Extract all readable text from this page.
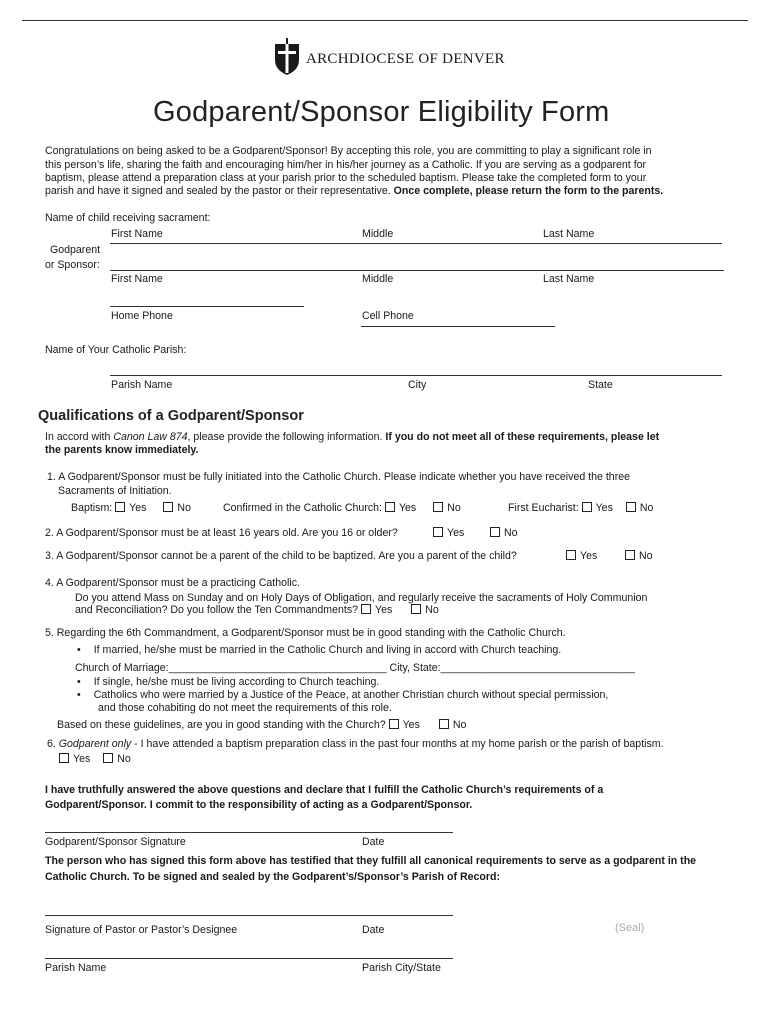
ARCHDIOCESE OF DENVER
Godparent/Sponsor Eligibility Form
Congratulations on being asked to be a Godparent/Sponsor! By accepting this role, you are committing to play a significant role in
this person’s life, sharing the faith and encouraging him/her in his/her journey as a Catholic. If you are serving as a godparent for
baptism, please attend a preparation class at your parish prior to the scheduled baptism. Please take the completed form to your
parish and have it signed and sealed by the pastor or their representative. Once complete, please return the form to the parents.
Name of child receiving sacrament:
First Name	Middle	Last Name
Godparent
or Sponsor:
First Name	Middle	Last Name
Home Phone	Cell Phone
Name of Your Catholic Parish:
Parish Name	City	State
Qualifications of a Godparent/Sponsor
In accord with Canon Law 874, please provide the following information. If you do not meet all of these requirements, please let
the parents know immediately.
1. A Godparent/Sponsor must be fully initiated into the Catholic Church. Please indicate whether you have received the three
Sacraments of Initiation.
Baptism: Yes	No	Confirmed in the Catholic Church: Yes	No	First Eucharist: Yes	No
2. A Godparent/Sponsor must be at least 16 years old. Are you 16 or older?	Yes	No
3. A Godparent/Sponsor cannot be a parent of the child to be baptized. Are you a parent of the child?	Yes	No
4. A Godparent/Sponsor must be a practicing Catholic.
Do you attend Mass on Sunday and on Holy Days of Obligation, and regularly receive the sacraments of Holy Communion
and Reconciliation? Do you follow the Ten Commandments? Yes	No
5. Regarding the 6th Commandment, a Godparent/Sponsor must be in good standing with the Catholic Church.
• If married, he/she must be married in the Catholic Church and living in accord with Church teaching.
Church of Marriage:_____________________________________ City, State:_________________________________
• If single, he/she must be living according to Church teaching.
• Catholics who were married by a Justice of the Peace, at another Christian church without special permission,
and those cohabiting do not meet the requirements of this role.
Based on these guidelines, are you in good standing with the Church? Yes	No
6. Godparent only - I have attended a baptism preparation class in the past four months at my home parish or the parish of baptism.
Yes	No
I have truthfully answered the above questions and declare that I fulfill the Catholic Church’s requirements of a
Godparent/Sponsor. I commit to the responsibility of acting as a Godparent/Sponsor.
Godparent/Sponsor Signature	Date
The person who has signed this form above has testified that they fulfill all canonical requirements to serve as a godparent in the
Catholic Church. To be signed and sealed by the Godparent’s/Sponsor’s Parish of Record:
Signature of Pastor or Pastor’s Designee	Date	(Seal)
Parish Name	Parish City/State
